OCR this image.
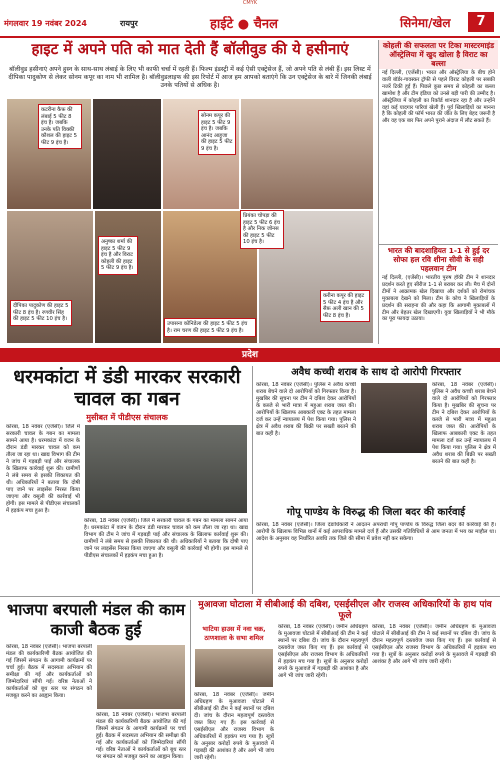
CMYK
मंगलवार 19 नवंबर 2024	रायपुर	हाईटे ● चैनल	सिनेमा/खेल	7
हाइट में अपने पति को मात देती हैं बॉलीवुड की ये हसीनाएं
बॉलीवुड हसीनाएं अपने हुस्न के साथ-साथ लंबाई के लिए भी काफी चर्चा में रहती हैं। फिल्म इंडस्ट्री में कई ऐसी एक्ट्रेसेज हैं, जो अपने पति से लंबी हैं। इस लिस्ट में दीपिका पादुकोण से लेकर सोनम कपूर का नाम भी शामिल है। बॉलीवुडलाइफ की इस रिपोर्ट में आज हम आपको बताएंगे कि उन एक्ट्रेसेज के बारे में जिनकी लंबाई उनके पतियों से अधिक है।
कटरीना कैफ़ की लंबाई 5 फीट 8 इंच है। जबकि उनके पति विक्की कौशल की हाइट 5 फीट 9 इंच है।
सोनम कपूर की हाइट 5 फीट 9 इंच है। जबकि आनंद आहूजा की हाइट 5 फीट 9 इंच है।
प्रियंका चोपड़ा की हाइट 5 फीट 6 इंच है और निक जोनस की हाइट 5 फीट 10 इंच है।
दीपिका पादुकोण की हाइट 5 फीट 8 इंच है। रणवीर सिंह की हाइट 5 फीट 10 इंच है।
अनुष्का शर्मा की हाइट 5 फीट 9 इंच है और विराट कोहली की हाइट 5 फीट 9 इंच है।
करीना कपूर की हाइट 5 फीट 4 इंच है और सैफ़ अली खान की 5 फीट 8 इंच है।
उपासना कोनिडेला की हाइट 5 फीट 5 इंच है। राम चरण की हाइट 5 फीट 9 इंच है।
कोहली की सफलता पर टिका मास्टरमाइंड ऑस्ट्रेलिया में खुद खोला है विराट का बल्ला
नई दिल्ली, (एजेंसी)। भारत और ऑस्ट्रेलिया के बीच होने वाली बॉर्डर-गावस्कर ट्रॉफी से पहले विराट कोहली पर सबकी नजरें टिकी हुई हैं। पिछले कुछ समय से कोहली का बल्ला खामोश है और टीम इंडिया को उनसे बड़ी पारी की उम्मीद है। ऑस्ट्रेलिया में कोहली का रिकॉर्ड शानदार रहा है और उन्होंने वहां कई यादगार पारियां खेली हैं। पूर्व खिलाड़ियों का मानना है कि कोहली की फॉर्म भारत की जीत के लिए बेहद जरूरी है और वह एक बार फिर अपने पुराने अंदाज में लौट सकते हैं।
भारत की बादशाहियत 1-1 से हुई दर सोफा हल रवि शीना सीवी के सही पहलवान टीम
नई दिल्ली, (एजेंसी)। भारतीय पुरुष हॉकी टीम ने शानदार प्रदर्शन करते हुए सीरीज 1-1 से बराबर कर ली। मैच में दोनों टीमों ने आक्रामक खेल दिखाया और दर्शकों को रोमांचक मुकाबला देखने को मिला। टीम के कोच ने खिलाड़ियों के प्रदर्शन की सराहना की और कहा कि आगामी मुकाबलों में टीम और बेहतर खेल दिखाएगी। युवा खिलाड़ियों ने भी मौके का पूरा फायदा उठाया।
प्रदेश
धरमकांटा में डंडी मारकर सरकारी चावल का गबन
मुसीबत में पीडीएस संचालक
कोरबा, 18 नवंबर (एजेंसी)। जिले में सरकारी चावल के गबन का मामला सामने आया है। धरमकांटा में वजन के दौरान डंडी मारकर चावल को कम तौला जा रहा था। खाद्य विभाग की टीम ने जांच में गड़बड़ी पाई और संचालक के खिलाफ कार्रवाई शुरू की। ग्रामीणों ने लंबे समय से इसकी शिकायत की थी। अधिकारियों ने बताया कि दोषी पाए जाने पर लाइसेंस निरस्त किया जाएगा और वसूली की कार्रवाई भी होगी। इस मामले से पीडीएस संचालकों में हड़कंप मचा हुआ है।
कोरबा, 18 नवंबर (एजेंसी)। जिले में सरकारी चावल के गबन का मामला सामने आया है। धरमकांटा में वजन के दौरान डंडी मारकर चावल को कम तौला जा रहा था। खाद्य विभाग की टीम ने जांच में गड़बड़ी पाई और संचालक के खिलाफ कार्रवाई शुरू की। ग्रामीणों ने लंबे समय से इसकी शिकायत की थी। अधिकारियों ने बताया कि दोषी पाए जाने पर लाइसेंस निरस्त किया जाएगा और वसूली की कार्रवाई भी होगी। इस मामले से पीडीएस संचालकों में हड़कंप मचा हुआ है।
अवैध कच्ची शराब के साथ दो आरोपी गिरफ्तार
कोरबा, 18 नवंबर (एजेंसी)। पुलिस ने अवैध कच्ची शराब बेचने वाले दो आरोपियों को गिरफ्तार किया है। मुखबिर की सूचना पर टीम ने दबिश देकर आरोपियों के कब्जे से भारी मात्रा में महुआ शराब जब्त की। आरोपियों के खिलाफ आबकारी एक्ट के तहत मामला दर्ज कर उन्हें न्यायालय में पेश किया गया। पुलिस ने क्षेत्र में अवैध शराब की बिक्री पर सख्ती बरतने की बात कही है।
कोरबा, 18 नवंबर (एजेंसी)। पुलिस ने अवैध कच्ची शराब बेचने वाले दो आरोपियों को गिरफ्तार किया है। मुखबिर की सूचना पर टीम ने दबिश देकर आरोपियों के कब्जे से भारी मात्रा में महुआ शराब जब्त की। आरोपियों के खिलाफ आबकारी एक्ट के तहत मामला दर्ज कर उन्हें न्यायालय में पेश किया गया। पुलिस ने क्षेत्र में अवैध शराब की बिक्री पर सख्ती बरतने की बात कही है।
गोपू पाण्डेय के विरुद्ध की जिला बदर की कार्रवाई
कोरबा, 18 नवंबर (एजेंसी)। जिला दंडाधिकारी ने आदतन अपराधी गोपू पाण्डेय के विरुद्ध जिला बदर की कार्रवाई की है। आरोपी के खिलाफ विभिन्न थानों में कई आपराधिक मामले दर्ज हैं और उसकी गतिविधियों से आम जनता में भय का माहौल था। आदेश के अनुसार वह निर्धारित अवधि तक जिले की सीमा में प्रवेश नहीं कर सकेगा।
भाजपा बरपाली मंडल की काम काजी बैठक हुई
कोरबा, 18 नवंबर (एजेंसी)। भाजपा बरपाली मंडल की कार्यकारिणी बैठक आयोजित की गई जिसमें संगठन के आगामी कार्यक्रमों पर चर्चा हुई। बैठक में सदस्यता अभियान की समीक्षा की गई और कार्यकर्ताओं को जिम्मेदारियां सौंपी गईं। वरिष्ठ नेताओं ने कार्यकर्ताओं को बूथ स्तर पर संगठन को मजबूत करने का आह्वान किया।
कोरबा, 18 नवंबर (एजेंसी)। भाजपा बरपाली मंडल की कार्यकारिणी बैठक आयोजित की गई जिसमें संगठन के आगामी कार्यक्रमों पर चर्चा हुई। बैठक में सदस्यता अभियान की समीक्षा की गई और कार्यकर्ताओं को जिम्मेदारियां सौंपी गईं। वरिष्ठ नेताओं ने कार्यकर्ताओं को बूथ स्तर पर संगठन को मजबूत करने का आह्वान किया।
मुआवजा घोटाला में सीबीआई की दबिश, एसईसीएल और राजस्व अधिकारियों के हाथ पांव फूले
भाटिया हाउस में नवा चक्र, ठाणशाला के सभा शमिल
कोरबा, 18 नवंबर (एजेंसी)। जमीन अधिग्रहण के मुआवजा घोटाले में सीबीआई की टीम ने कई स्थानों पर दबिश दी। जांच के दौरान महत्वपूर्ण दस्तावेज जब्त किए गए हैं। इस कार्रवाई से एसईसीएल और राजस्व विभाग के अधिकारियों में हड़कंप मच गया है। सूत्रों के अनुसार करोड़ों रुपये के मुआवजे में गड़बड़ी की आशंका है और आगे भी जांच जारी रहेगी।
कोरबा, 18 नवंबर (एजेंसी)। जमीन अधिग्रहण के मुआवजा घोटाले में सीबीआई की टीम ने कई स्थानों पर दबिश दी। जांच के दौरान महत्वपूर्ण दस्तावेज जब्त किए गए हैं। इस कार्रवाई से एसईसीएल और राजस्व विभाग के अधिकारियों में हड़कंप मच गया है। सूत्रों के अनुसार करोड़ों रुपये के मुआवजे में गड़बड़ी की आशंका है और आगे भी जांच जारी रहेगी।
कोरबा, 18 नवंबर (एजेंसी)। जमीन अधिग्रहण के मुआवजा घोटाले में सीबीआई की टीम ने कई स्थानों पर दबिश दी। जांच के दौरान महत्वपूर्ण दस्तावेज जब्त किए गए हैं। इस कार्रवाई से एसईसीएल और राजस्व विभाग के अधिकारियों में हड़कंप मच गया है। सूत्रों के अनुसार करोड़ों रुपये के मुआवजे में गड़बड़ी की आशंका है और आगे भी जांच जारी रहेगी।
